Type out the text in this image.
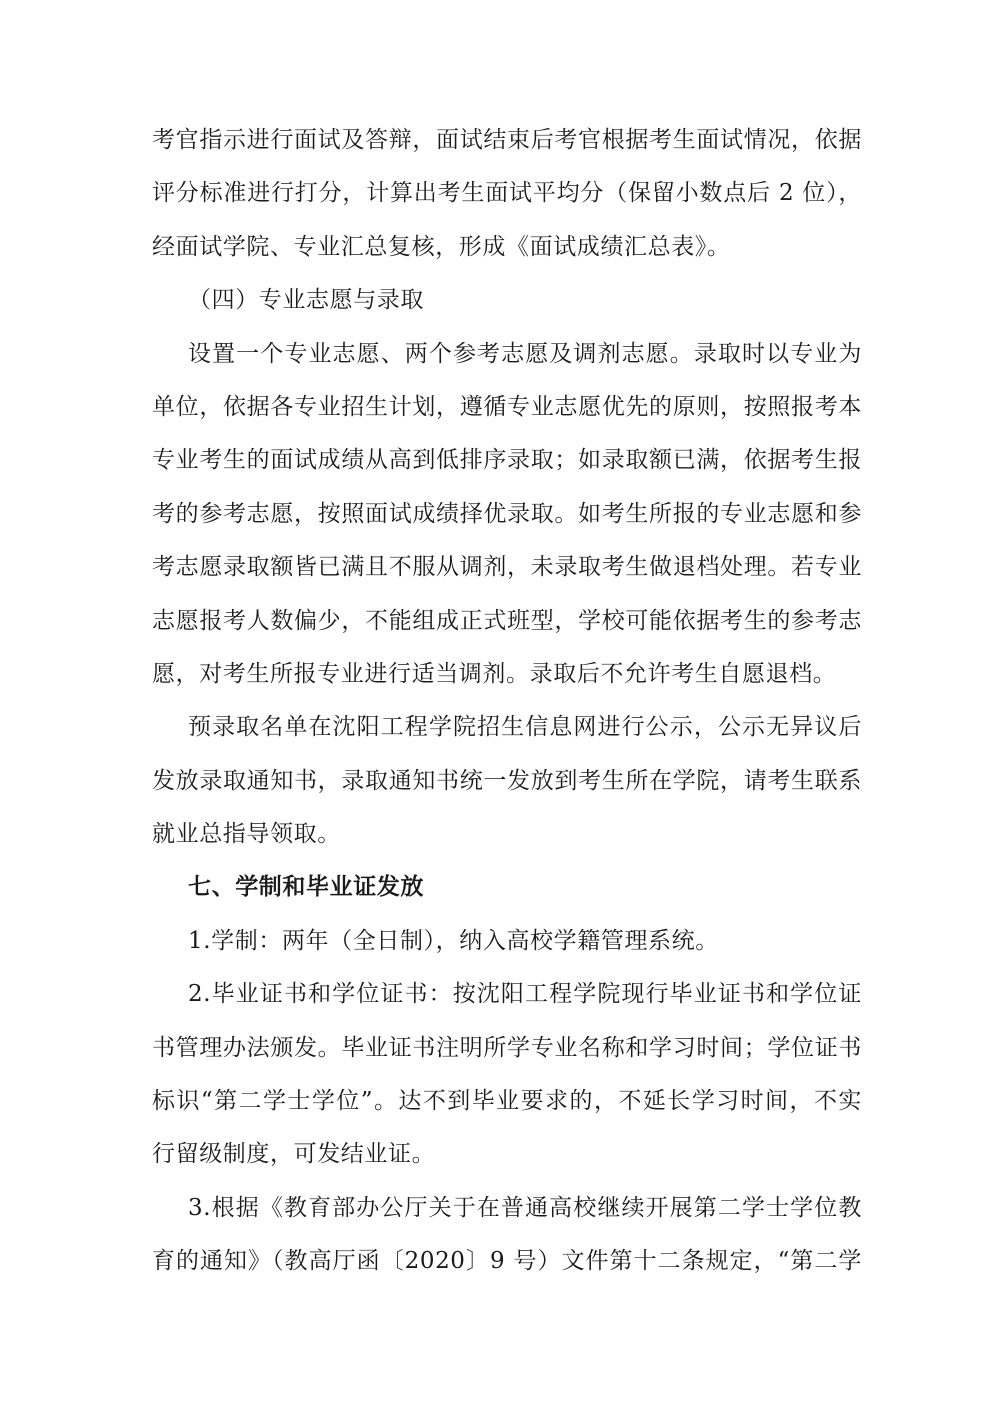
考官指示进行面试及答辩，面试结束后考官根据考生面试情况，依据
评分标准进行打分，计算出考生面试平均分（保留小数点后 2 位），
经面试学院、专业汇总复核，形成《面试成绩汇总表》。
（四）专业志愿与录取
设置一个专业志愿、两个参考志愿及调剂志愿。录取时以专业为
单位，依据各专业招生计划，遵循专业志愿优先的原则，按照报考本
专业考生的面试成绩从高到低排序录取；如录取额已满，依据考生报
考的参考志愿，按照面试成绩择优录取。如考生所报的专业志愿和参
考志愿录取额皆已满且不服从调剂，未录取考生做退档处理。若专业
志愿报考人数偏少，不能组成正式班型，学校可能依据考生的参考志
愿，对考生所报专业进行适当调剂。录取后不允许考生自愿退档。
预录取名单在沈阳工程学院招生信息网进行公示，公示无异议后
发放录取通知书，录取通知书统一发放到考生所在学院，请考生联系
就业总指导领取。
七、学制和毕业证发放
1.学制：两年（全日制），纳入高校学籍管理系统。
2.毕业证书和学位证书：按沈阳工程学院现行毕业证书和学位证
书管理办法颁发。毕业证书注明所学专业名称和学习时间；学位证书
标识“第二学士学位”。达不到毕业要求的，不延长学习时间，不实
行留级制度，可发结业证。
3.根据《教育部办公厅关于在普通高校继续开展第二学士学位教
育的通知》（教高厅函〔2020〕9 号）文件第十二条规定，“第二学
